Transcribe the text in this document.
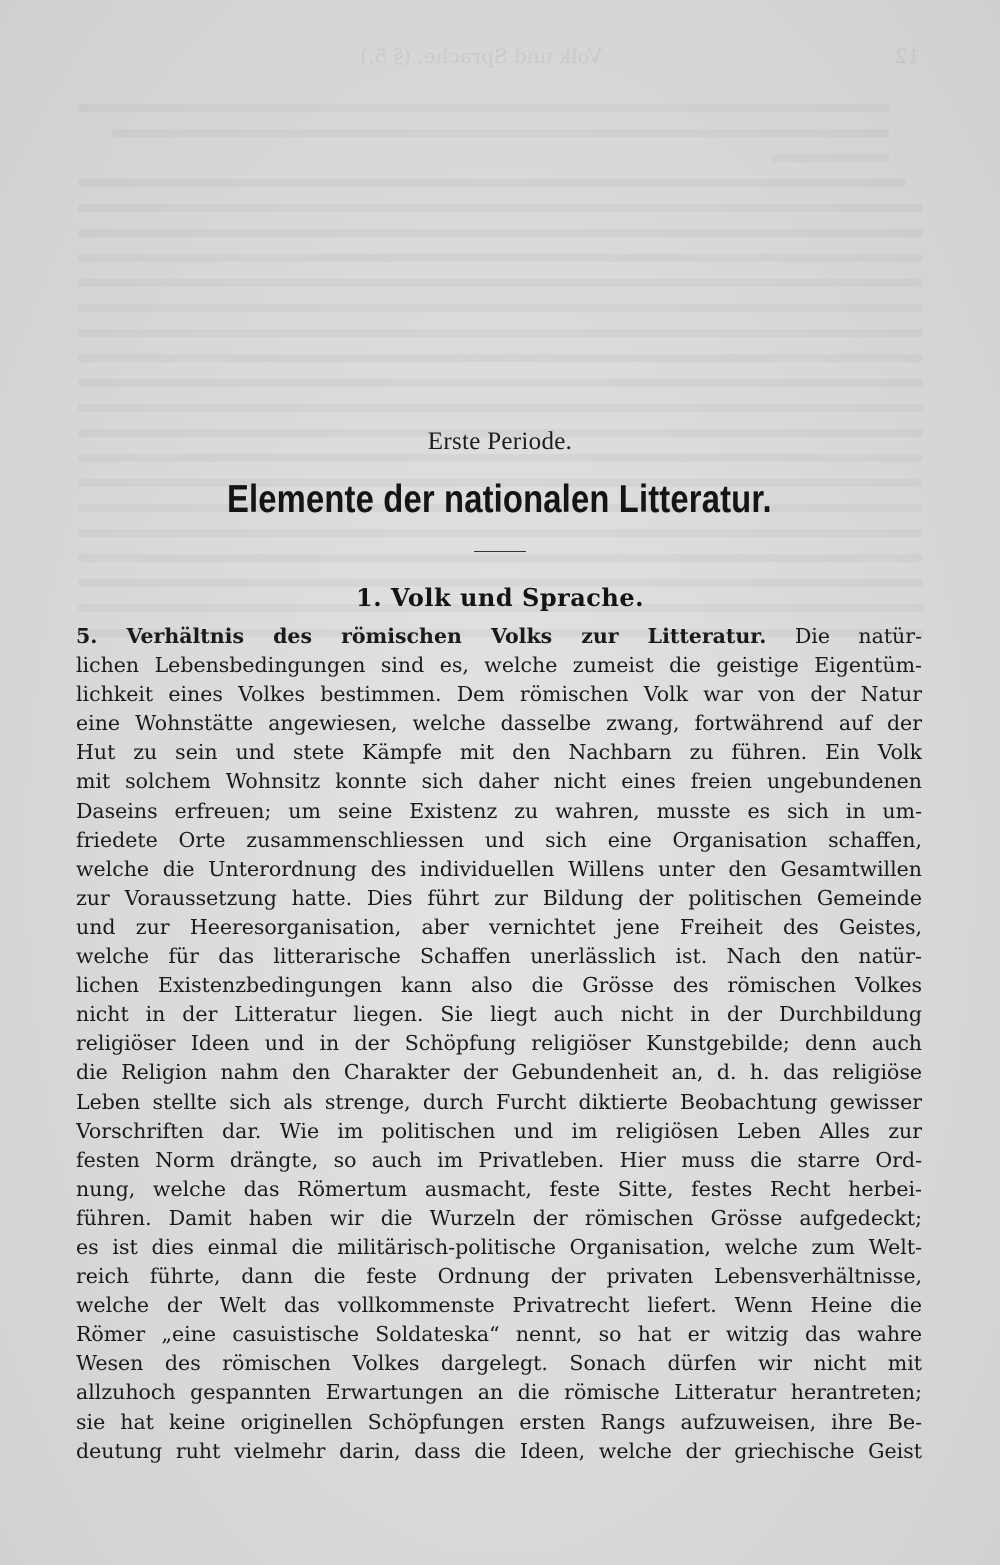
12
Volk und Sprache. (§ 5.)
Erste Periode.
Elemente der nationalen Litteratur.
1. Volk und Sprache.
5. Verhältnis des römischen Volks zur Litteratur. Die natür-
lichen Lebensbedingungen sind es, welche zumeist die geistige Eigentüm-
lichkeit eines Volkes bestimmen. Dem römischen Volk war von der Natur
eine Wohnstätte angewiesen, welche dasselbe zwang, fortwährend auf der
Hut zu sein und stete Kämpfe mit den Nachbarn zu führen. Ein Volk
mit solchem Wohnsitz konnte sich daher nicht eines freien ungebundenen
Daseins erfreuen; um seine Existenz zu wahren, musste es sich in um-
friedete Orte zusammenschliessen und sich eine Organisation schaffen,
welche die Unterordnung des individuellen Willens unter den Gesamtwillen
zur Voraussetzung hatte. Dies führt zur Bildung der politischen Gemeinde
und zur Heeresorganisation, aber vernichtet jene Freiheit des Geistes,
welche für das litterarische Schaffen unerlässlich ist. Nach den natür-
lichen Existenzbedingungen kann also die Grösse des römischen Volkes
nicht in der Litteratur liegen. Sie liegt auch nicht in der Durchbildung
religiöser Ideen und in der Schöpfung religiöser Kunstgebilde; denn auch
die Religion nahm den Charakter der Gebundenheit an, d. h. das religiöse
Leben stellte sich als strenge, durch Furcht diktierte Beobachtung gewisser
Vorschriften dar. Wie im politischen und im religiösen Leben Alles zur
festen Norm drängte, so auch im Privatleben. Hier muss die starre Ord-
nung, welche das Römertum ausmacht, feste Sitte, festes Recht herbei-
führen. Damit haben wir die Wurzeln der römischen Grösse aufgedeckt;
es ist dies einmal die militärisch-politische Organisation, welche zum Welt-
reich führte, dann die feste Ordnung der privaten Lebensverhältnisse,
welche der Welt das vollkommenste Privatrecht liefert. Wenn Heine die
Römer „eine casuistische Soldateska“ nennt, so hat er witzig das wahre
Wesen des römischen Volkes dargelegt. Sonach dürfen wir nicht mit
allzuhoch gespannten Erwartungen an die römische Litteratur herantreten;
sie hat keine originellen Schöpfungen ersten Rangs aufzuweisen, ihre Be-
deutung ruht vielmehr darin, dass die Ideen, welche der griechische Geist
